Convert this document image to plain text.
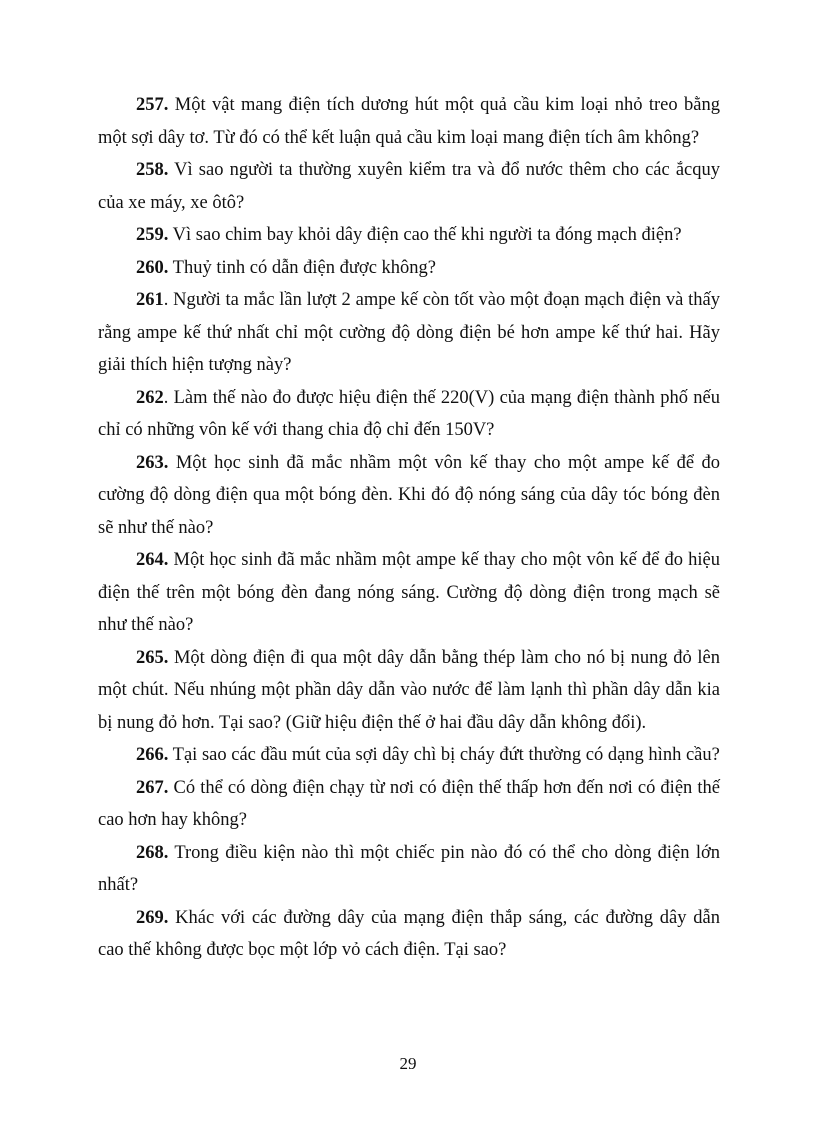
257. Một vật mang điện tích dương hút một quả cầu kim loại nhỏ treo bằng một sợi dây tơ. Từ đó có thể kết luận quả cầu kim loại mang điện tích âm không?

258. Vì sao người ta thường xuyên kiểm tra và đổ nước thêm cho các ắcquy của xe máy, xe ôtô?

259. Vì sao chim bay khỏi dây điện cao thế khi người ta đóng mạch điện?

260. Thuỷ tinh có dẫn điện được không?

261. Người ta mắc lần lượt 2 ampe kế còn tốt vào một đoạn mạch điện và thấy rằng ampe kế thứ nhất chỉ một cường độ dòng điện bé hơn ampe kế thứ hai. Hãy giải thích hiện tượng này?

262. Làm thế nào đo được hiệu điện thế 220(V) của mạng điện thành phố nếu chỉ có những vôn kế với thang chia độ chỉ đến 150V?

263. Một học sinh đã mắc nhầm một vôn kế thay cho một ampe kế để đo cường độ dòng điện qua một bóng đèn. Khi đó độ nóng sáng của dây tóc bóng đèn sẽ như thế nào?

264. Một học sinh đã mắc nhầm một ampe kế thay cho một vôn kế để đo hiệu điện thế trên một bóng đèn đang nóng sáng. Cường độ dòng điện trong mạch sẽ như thế nào?

265. Một dòng điện đi qua một dây dẫn bằng thép làm cho nó bị nung đỏ lên một chút. Nếu nhúng một phần dây dẫn vào nước để làm lạnh thì phần dây dẫn kia bị nung đỏ hơn. Tại sao? (Giữ hiệu điện thế ở hai đầu dây dẫn không đổi).

266. Tại sao các đầu mút của sợi dây chì bị cháy đứt thường có dạng hình cầu?

267. Có thể có dòng điện chạy từ nơi có điện thế thấp hơn đến nơi có điện thế cao hơn hay không?

268. Trong điều kiện nào thì một chiếc pin nào đó có thể cho dòng điện lớn nhất?

269. Khác với các đường dây của mạng điện thắp sáng, các đường dây dẫn cao thế không được bọc một lớp vỏ cách điện. Tại sao?

29
